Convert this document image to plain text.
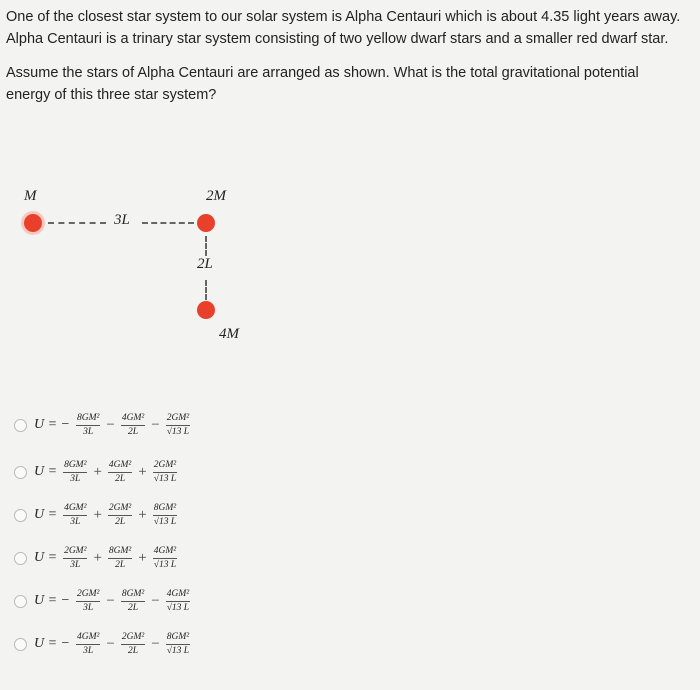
One of the closest star system to our solar system is Alpha Centauri which is about 4.35 light years away. Alpha Centauri is a trinary star system consisting of two yellow dwarf stars and a smaller red dwarf star.

Assume the stars of Alpha Centauri are arranged as shown. What is the total gravitational potential energy of this three star system?

M	2M
3L
2L
4M
U = − $\frac{\text{8GM²}}{3L} - \frac{\text{4GM²}}{2L} - \frac{\text{2GM²}}{√13 L}$
$U = \frac{\text{8GM²}}{3L} + \frac{\text{4GM²}}{2L} + \frac{\text{2GM²}}{√13 L}$
$U = \frac{\text{4GM²}}{3L} + \frac{\text{2GM²}}{2L} + \frac{\text{8GM²}}{√13 L}$
$U = \frac{\text{2GM²}}{3L} + \frac{\text{8GM²}}{2L} + \frac{\text{4GM²}}{√13 L}$
U = − $\frac{\text{2GM²}}{3L} - \frac{\text{8GM²}}{2L} - \frac{\text{4GM²}}{√13 L}$
U = − $\frac{\text{4GM²}}{3L} - \frac{\text{2GM²}}{2L} - \frac{\text{8GM²}}{√13 L}$
